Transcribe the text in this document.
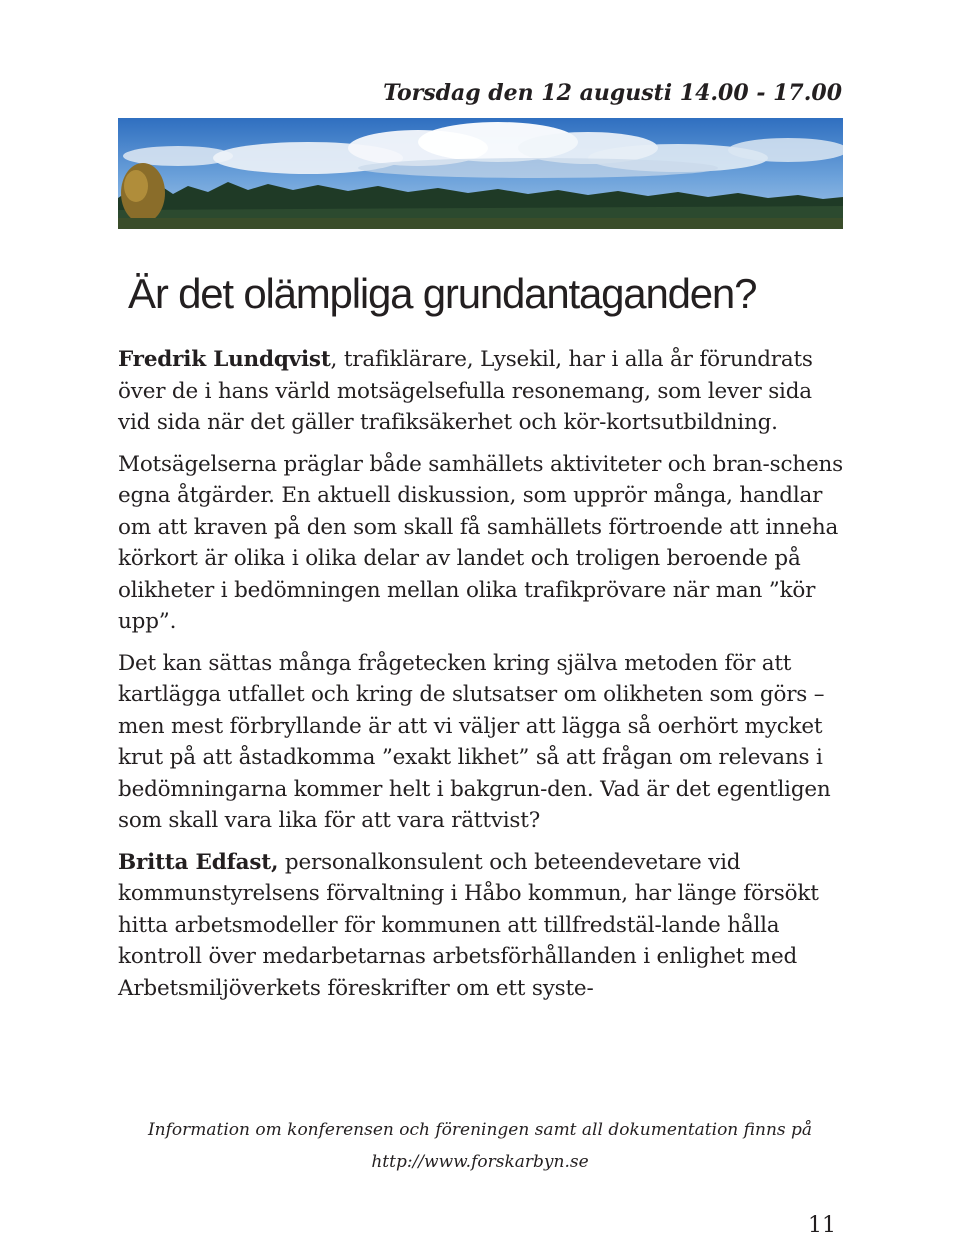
Torsdag den 12 augusti 14.00 - 17.00
Är det olämpliga grundantaganden?

Fredrik Lundqvist, trafiklärare, Lysekil, har i alla år förundrats över de i hans värld motsägelsefulla resonemang, som lever sida vid sida när det gäller trafiksäkerhet och kör-kortsutbildning.

Motsägelserna präglar både samhällets aktiviteter och bran-schens egna åtgärder. En aktuell diskussion, som upprör många, handlar om att kraven på den som skall få samhällets förtroende att inneha körkort är olika i olika delar av landet och troligen beroende på olikheter i bedömningen mellan olika trafikprövare när man ”kör upp”.

Det kan sättas många frågetecken kring själva metoden för att kartlägga utfallet och kring de slutsatser om olikheten som görs – men mest förbryllande är att vi väljer att lägga så oerhört mycket krut på att åstadkomma ”exakt likhet” så att frågan om relevans i bedömningarna kommer helt i bakgrun-den. Vad är det egentligen som skall vara lika för att vara rättvist?

Britta Edfast, personalkonsulent och beteendevetare vid kommunstyrelsens förvaltning i Håbo kommun, har länge försökt hitta arbetsmodeller för kommunen att tillfredstäl-lande hålla kontroll över medarbetarnas arbetsförhållanden i enlighet med Arbetsmiljöverkets föreskrifter om ett syste-

Information om konferensen och föreningen samt all dokumentation finns på
http://www.forskarbyn.se
11
